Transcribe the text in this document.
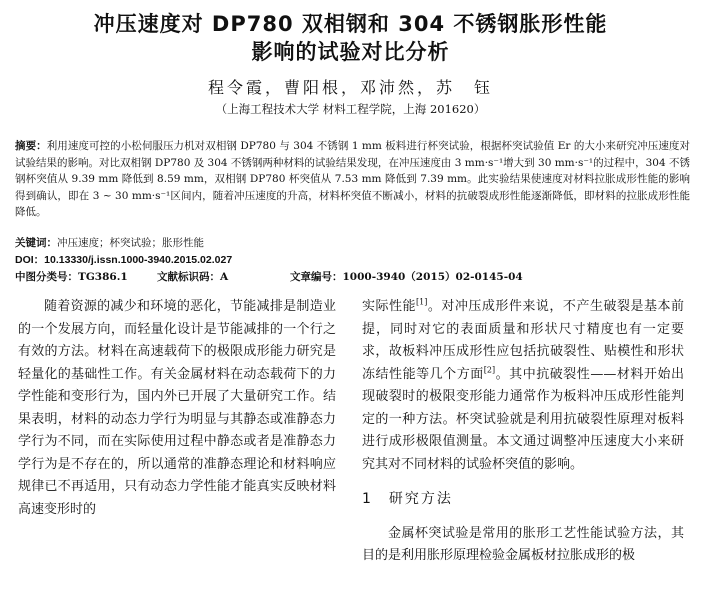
冲压速度对 DP780 双相钢和 304 不锈钢胀形性能
影响的试验对比分析
程令霞，曹阳根，邓沛然，苏　钰
（上海工程技术大学 材料工程学院，上海 201620）
摘要：利用速度可控的小松伺服压力机对双相钢 DP780 与 304 不锈钢 1 mm 板料进行杯突试验，根据杯突试验值 Er 的大小来研究冲压速度对试验结果的影响。对比双相钢 DP780 及 304 不锈钢两种材料的试验结果发现，在冲压速度由 3 mm·s⁻¹增大到 30 mm·s⁻¹的过程中，304 不锈钢杯突值从 9.39 mm 降低到 8.59 mm，双相钢 DP780 杯突值从 7.53 mm 降低到 7.39 mm。此实验结果使速度对材料拉胀成形性能的影响得到确认，即在 3 ~ 30 mm·s⁻¹区间内，随着冲压速度的升高，材料杯突值不断减小，材料的抗破裂成形性能逐渐降低，即材料的拉胀成形性能降低。
关键词：冲压速度；杯突试验；胀形性能
DOI：10.13330/j.issn.1000-3940.2015.02.027
中图分类号：TG386.1	文献标识码：A	文章编号：1000-3940（2015）02-0145-04

随着资源的减少和环境的恶化，节能减排是制造业的一个发展方向，而轻量化设计是节能减排的一个行之有效的方法。材料在高速载荷下的极限成形能力研究是轻量化的基础性工作。有关金属材料在动态载荷下的力学性能和变形行为，国内外已开展了大量研究工作。结果表明，材料的动态力学行为明显与其静态或准静态力学行为不同，而在实际使用过程中静态或者是准静态力学行为是不存在的，所以通常的准静态理论和材料响应规律已不再适用，只有动态力学性能才能真实反映材料高速变形时的

实际性能[1]。对冲压成形件来说，不产生破裂是基本前提，同时对它的表面质量和形状尺寸精度也有一定要求，故板料冲压成形性应包括抗破裂性、贴模性和形状冻结性能等几个方面[2]。其中抗破裂性——材料开始出现破裂时的极限变形能力通常作为板料冲压成形性能判定的一种方法。杯突试验就是利用抗破裂性原理对板料进行成形极限值测量。本文通过调整冲压速度大小来研究其对不同材料的试验杯突值的影响。

1　研究方法

金属杯突试验是常用的胀形工艺性能试验方法，其目的是利用胀形原理检验金属板材拉胀成形的极
